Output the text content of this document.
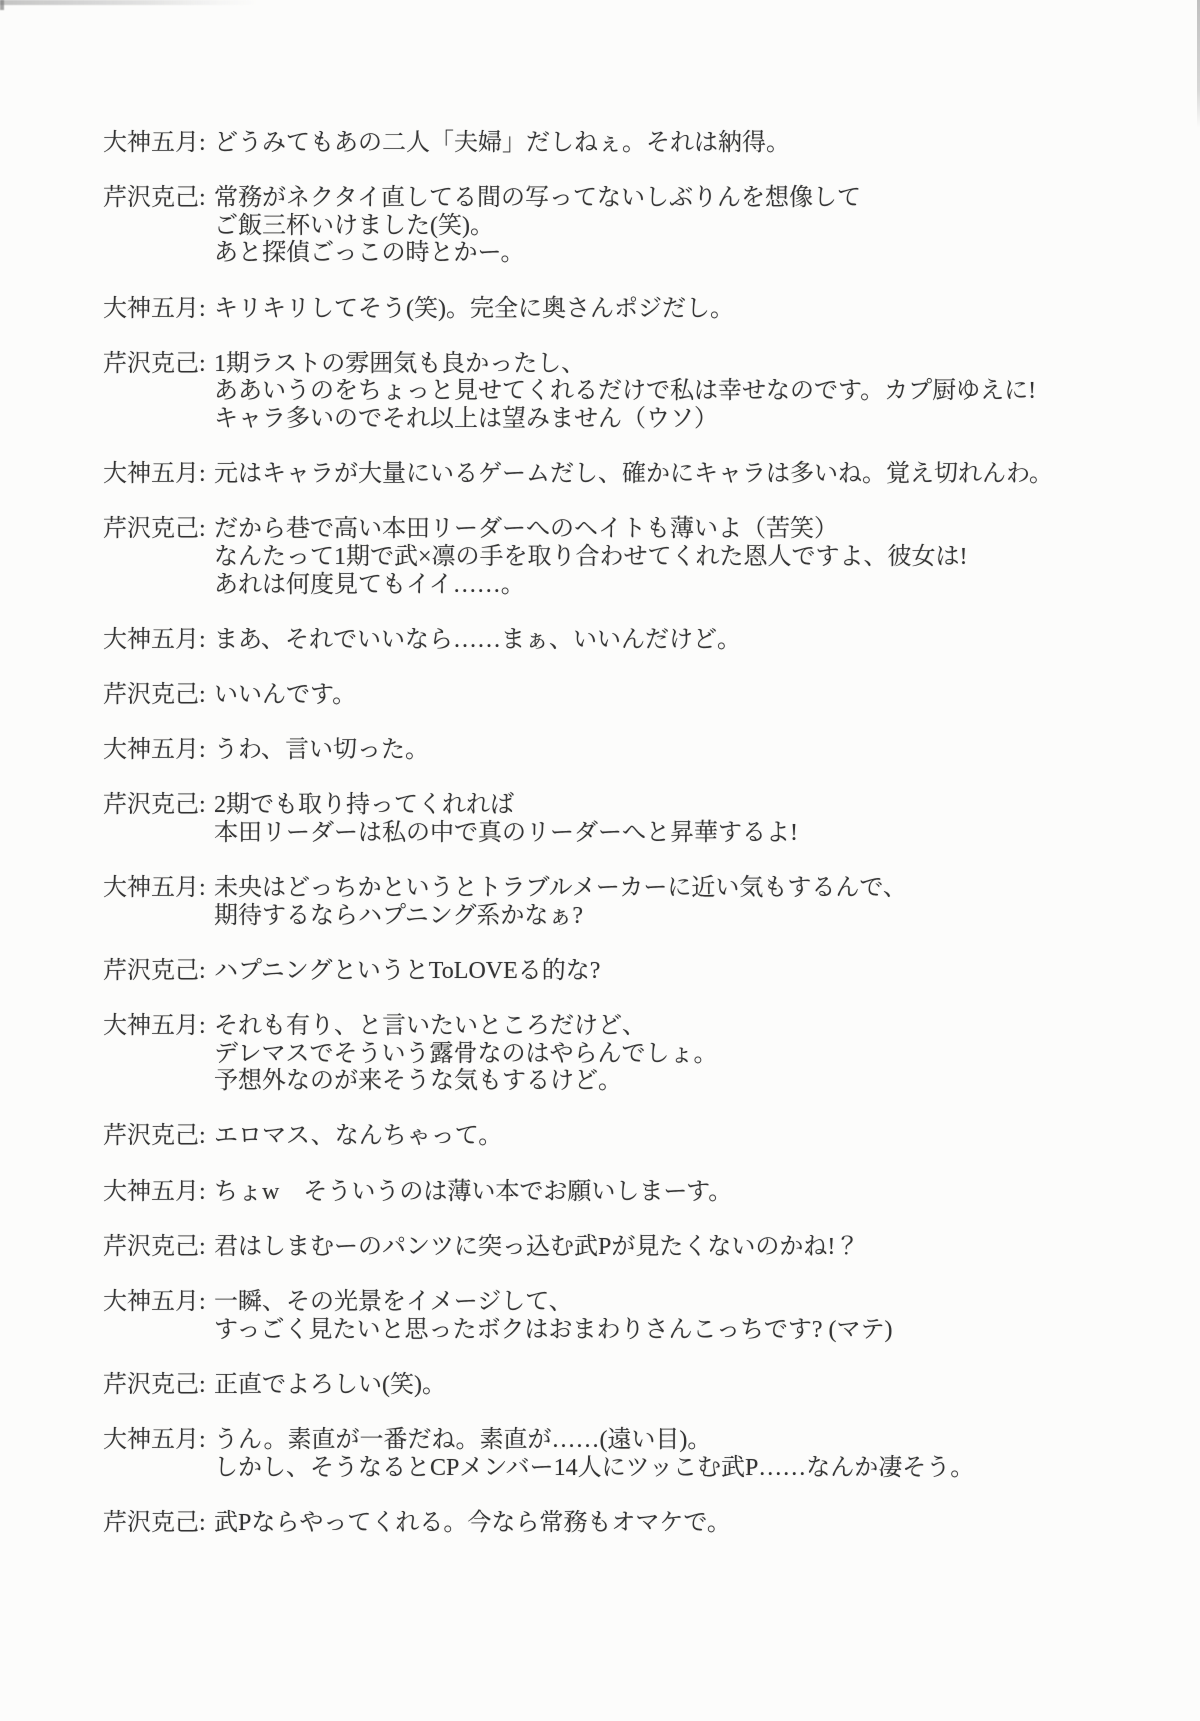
大神五月: どうみてもあの二人「夫婦」だしねぇ。それは納得。
芹沢克己: 常務がネクタイ直してる間の写ってないしぶりんを想像して
ご飯三杯いけました(笑)。
あと探偵ごっこの時とかー。
大神五月: キリキリしてそう(笑)。完全に奥さんポジだし。
芹沢克己: 1期ラストの雰囲気も良かったし、
ああいうのをちょっと見せてくれるだけで私は幸せなのです。カプ厨ゆえに!
キャラ多いのでそれ以上は望みません（ウソ）
大神五月: 元はキャラが大量にいるゲームだし、確かにキャラは多いね。覚え切れんわ。
芹沢克己: だから巷で高い本田リーダーへのヘイトも薄いよ（苦笑）
なんたって1期で武×凛の手を取り合わせてくれた恩人ですよ、彼女は!
あれは何度見てもイイ……。
大神五月: まあ、それでいいなら……まぁ、いいんだけど。
芹沢克己: いいんです。
大神五月: うわ、言い切った。
芹沢克己: 2期でも取り持ってくれれば
本田リーダーは私の中で真のリーダーへと昇華するよ!
大神五月: 未央はどっちかというとトラブルメーカーに近い気もするんで、
期待するならハプニング系かなぁ?
芹沢克己: ハプニングというとToLOVEる的な?
大神五月: それも有り、と言いたいところだけど、
デレマスでそういう露骨なのはやらんでしょ。
予想外なのが来そうな気もするけど。
芹沢克己: エロマス、なんちゃって。
大神五月: ちょw　そういうのは薄い本でお願いしまーす。
芹沢克己: 君はしまむーのパンツに突っ込む武Pが見たくないのかね!？
大神五月: 一瞬、その光景をイメージして、
すっごく見たいと思ったボクはおまわりさんこっちです? (マテ)
芹沢克己: 正直でよろしい(笑)。
大神五月: うん。素直が一番だね。素直が……(遠い目)。
しかし、そうなるとCPメンバー14人にツッこむ武P……なんか凄そう。
芹沢克己: 武Pならやってくれる。今なら常務もオマケで。
